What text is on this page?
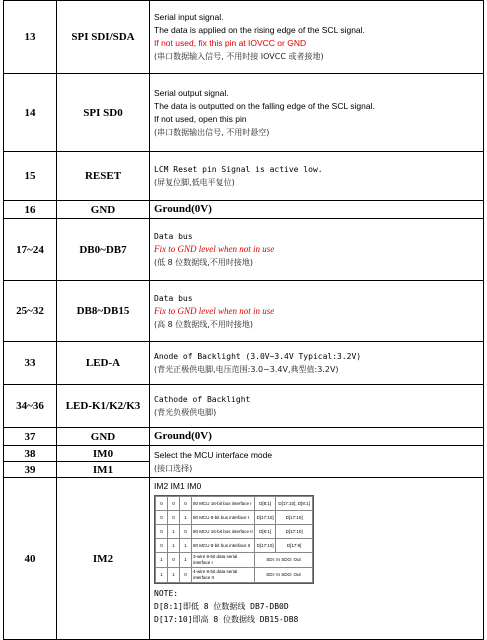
13	SPI SDI/SDA	
Serial input signal.
The data is applied on the rising edge of the SCL signal.
If not used, fix this pin at IOVCC or GND
(串口数据输入信号, 不用时接 IOVCC 或者接地)

14	SPI SD0	
Serial output signal.
The data is outputted on the falling edge of the SCL signal.
If not used, open this pin
(串口数据输出信号, 不用时悬空)

15	RESET	
LCM Reset pin Signal is active low.
(屏复位脚,低电平复位)

16	GND	Ground(0V)

17~24	DB0~DB7	
Data bus
Fix to GND level when not in use
(低 8 位数据线,不用时接地)

25~32	DB8~DB15	
Data bus
Fix to GND level when not in use
(高 8 位数据线,不用时接地)

33	LED-A	
Anode of Backlight (3.0V~3.4V Typical:3.2V)
(背光正极供电脚,电压范围:3.0~3.4V,典型值:3.2V)

34~36	LED-K1/K2/K3	
Cathode of Backlight
(背光负极供电脚)

37	GND	Ground(0V)

38	IM0	Select the MCU interface mode
(接口选择)

39	IM1
40	IM2	
IM2 IM1 IM0
0	0	0	80 MCU 16-bit bus interface I	D[8:1]	D[17:10], D[8:1]
0	0	1	80 MCU 8-bit bus interface I	D[17:10]	D[17:10]
0	1	0	80 MCU 16-bit bus interface II	D[8:1]	D[17:10]
0	1	1	80 MCU 8-bit bus interface II	D[17:10]	D[17:9]
1	0	1	3-wire 9-bit data serial interface I	SDI: In SDO: Out
1	1	0	4-wire 8-bit data serial interface II	SDI: In SDO: Out
NOTE:
D[8:1]即低 8 位数据线 DB7-DB0D
D[17:10]即高 8 位数据线 DB15-DB8
